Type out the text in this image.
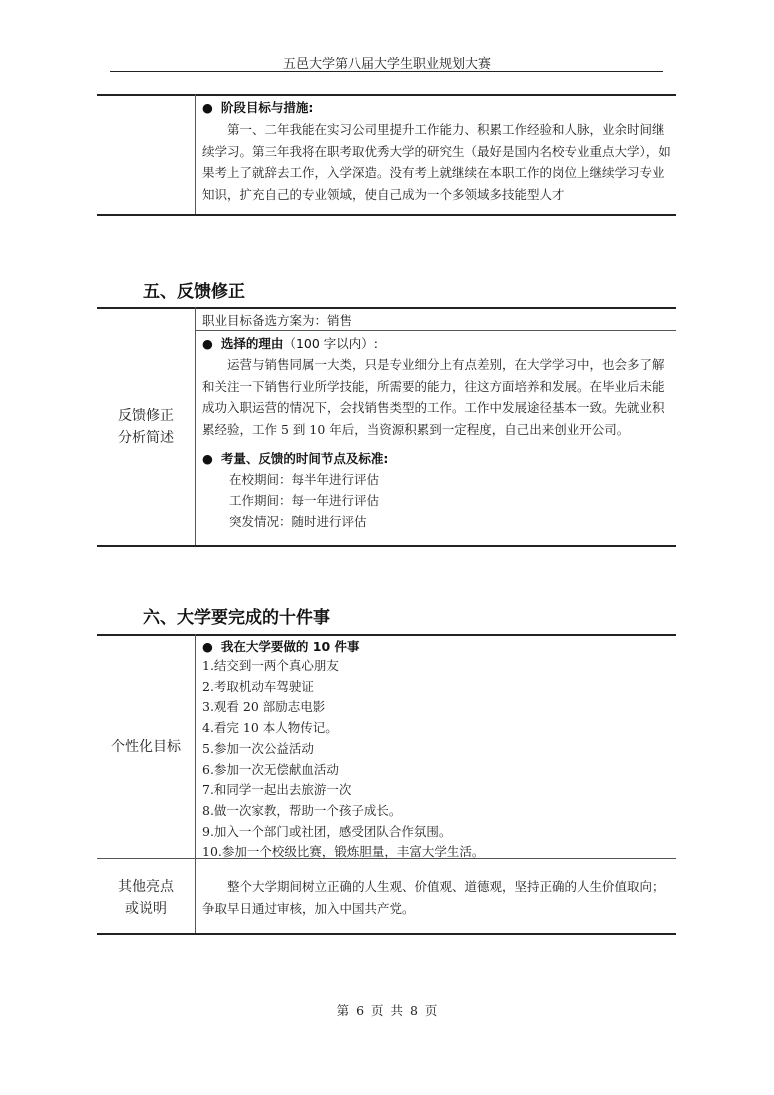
五邑大学第八届大学生职业规划大赛
● 阶段目标与措施:
第一、二年我能在实习公司里提升工作能力、积累工作经验和人脉，业余时间继续学习。第三年我将在职考取优秀大学的研究生（最好是国内名校专业重点大学），如果考上了就辞去工作，入学深造。没有考上就继续在本职工作的岗位上继续学习专业知识，扩充自己的专业领域，使自己成为一个多领域多技能型人才
五、反馈修正
职业目标备选方案为：销售
反馈修正
分析简述
● 选择的理由（100 字以内）:
运营与销售同属一大类，只是专业细分上有点差别，在大学学习中，也会多了解和关注一下销售行业所学技能，所需要的能力，往这方面培养和发展。在毕业后未能成功入职运营的情况下，会找销售类型的工作。工作中发展途径基本一致。先就业积累经验，工作 5 到 10 年后，当资源积累到一定程度，自己出来创业开公司。
● 考量、反馈的时间节点及标准:
在校期间：每半年进行评估
工作期间：每一年进行评估
突发情况：随时进行评估
六、大学要完成的十件事
个性化目标
● 我在大学要做的 10 件事
1.结交到一两个真心朋友
2.考取机动车驾驶证
3.观看 20 部励志电影
4.看完 10 本人物传记。
5.参加一次公益活动
6.参加一次无偿献血活动
7.和同学一起出去旅游一次
8.做一次家教，帮助一个孩子成长。
9.加入一个部门或社团，感受团队合作氛围。
10.参加一个校级比赛，锻炼胆量，丰富大学生活。
其他亮点
或说明
整个大学期间树立正确的人生观、价值观、道德观，坚持正确的人生价值取向；争取早日通过审核，加入中国共产党。
第 6 页 共 8 页
